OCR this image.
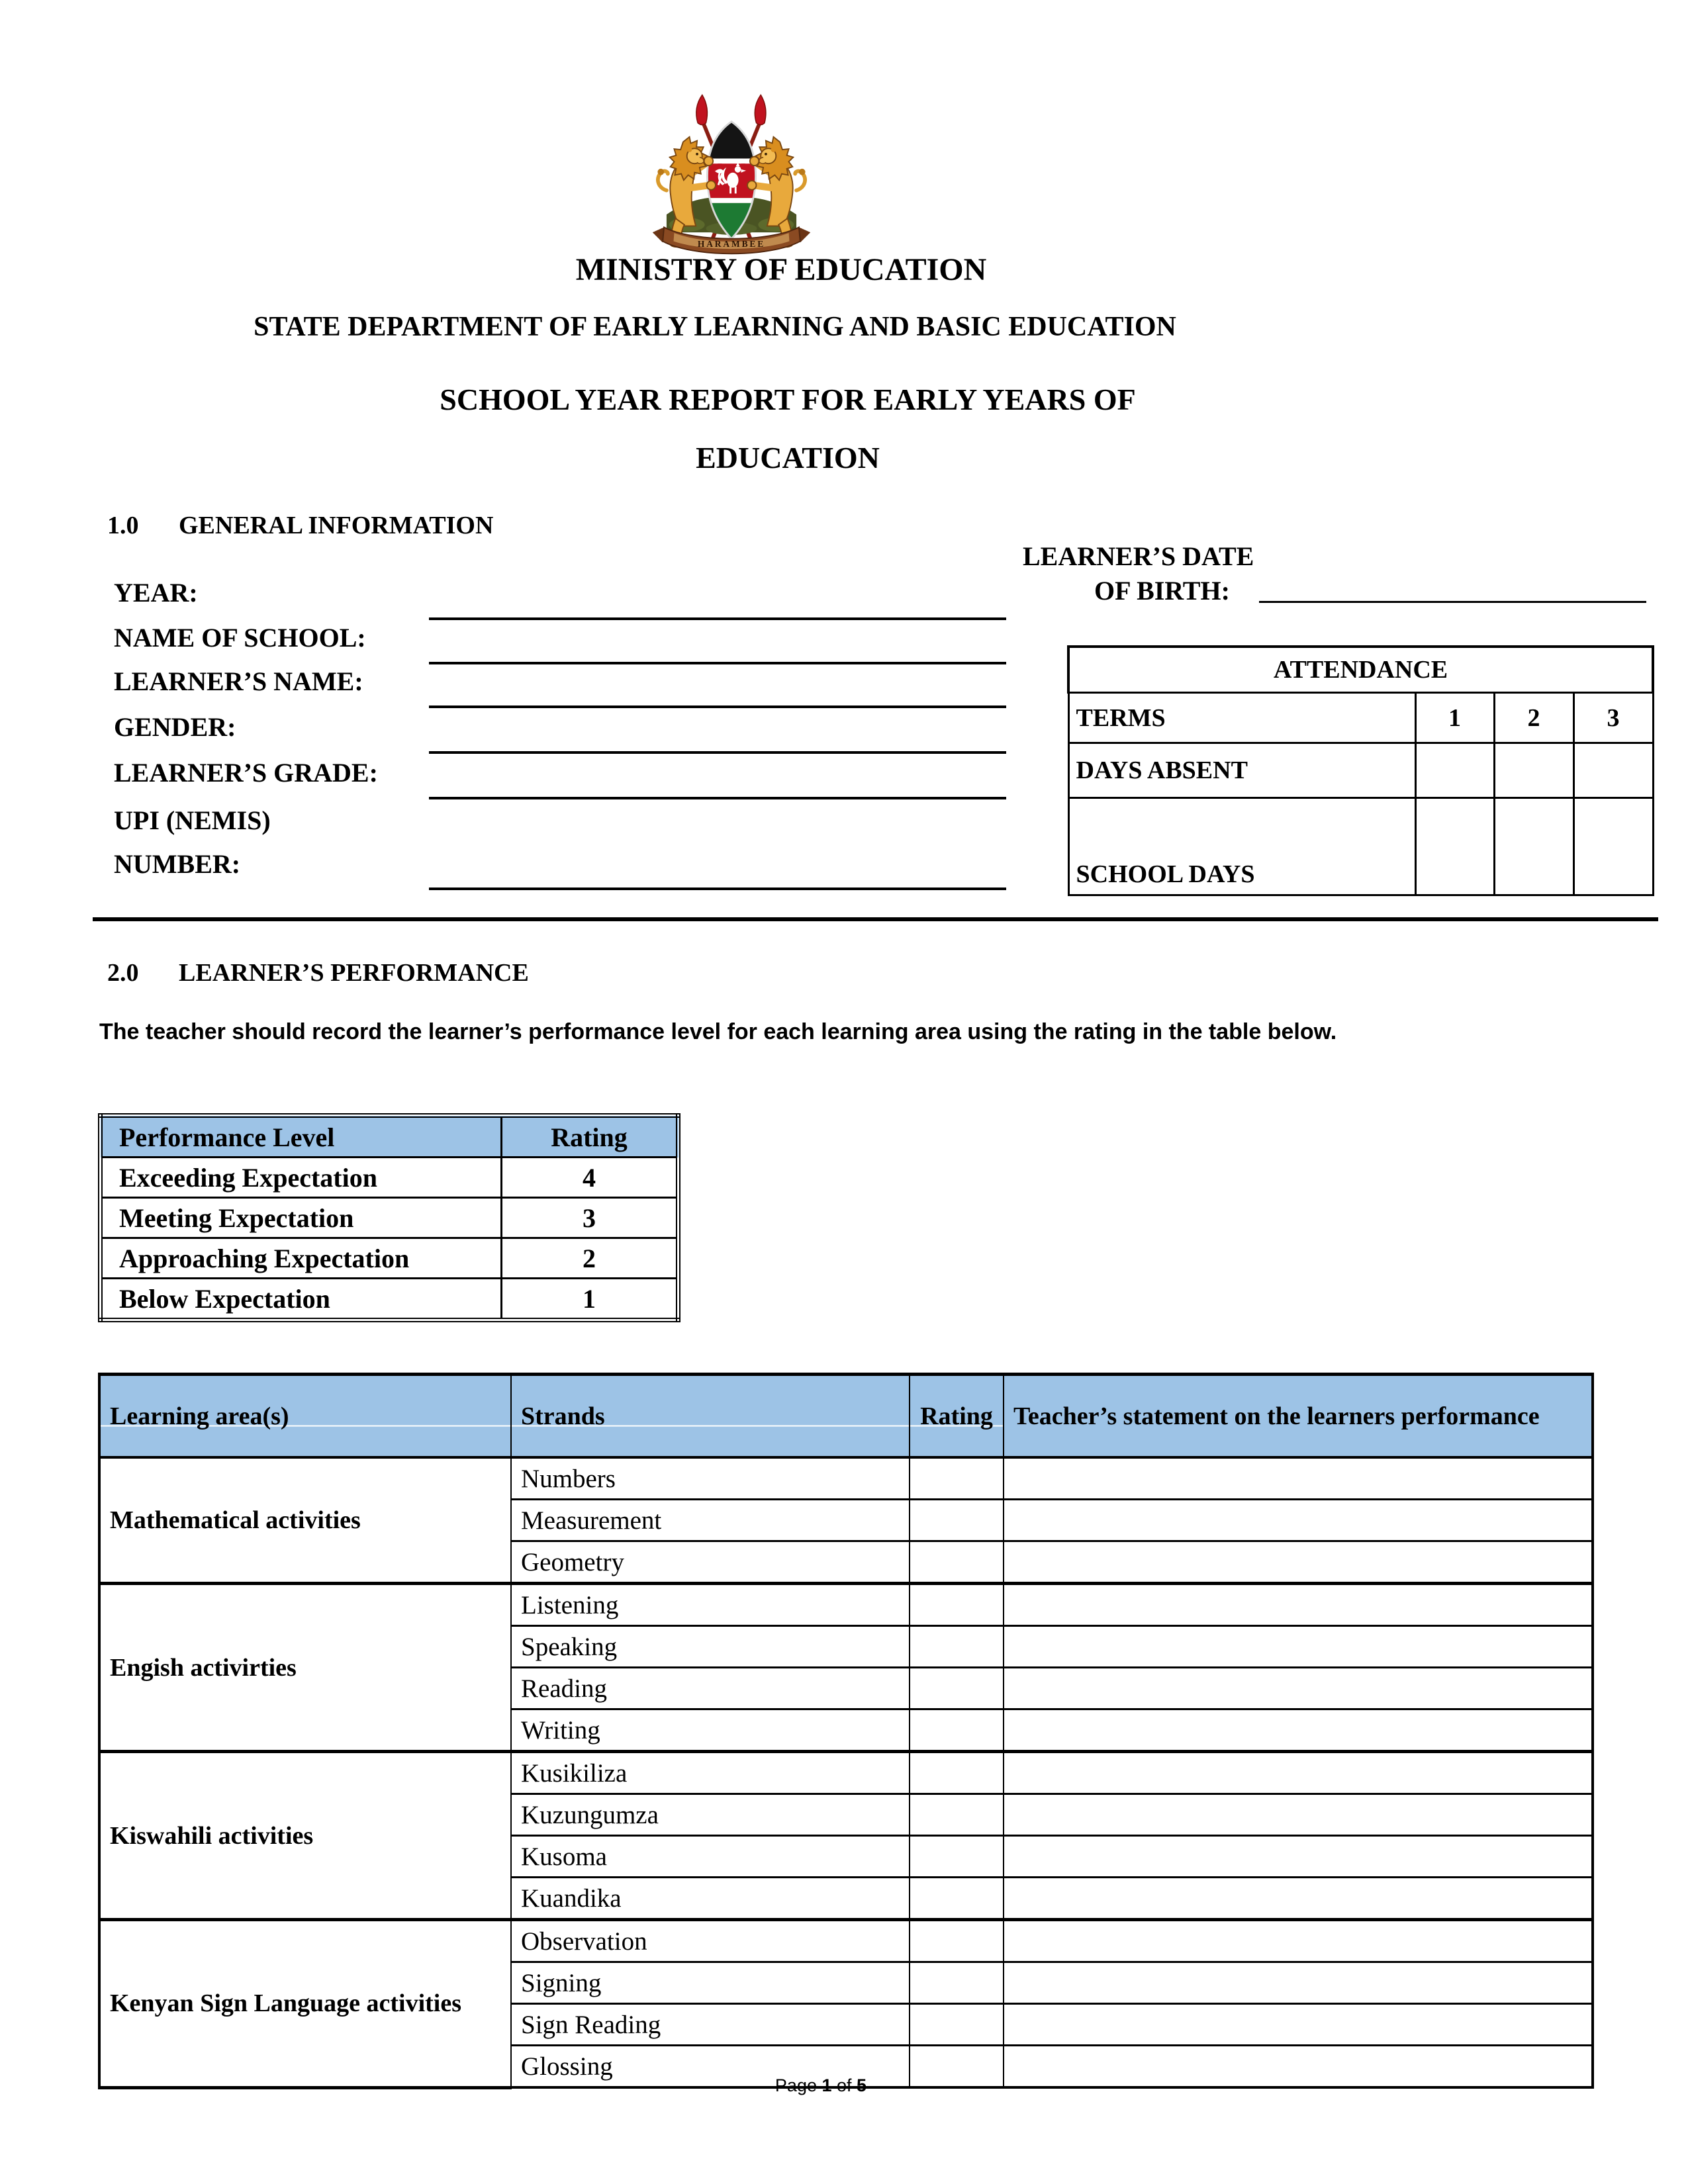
HARAMBEE
MINISTRY OF EDUCATION
STATE DEPARTMENT OF EARLY LEARNING AND BASIC EDUCATION
SCHOOL YEAR REPORT FOR EARLY YEARS OF
EDUCATION
1.0 GENERAL INFORMATION
YEAR:
NAME OF SCHOOL:
LEARNER’S NAME:
GENDER:
LEARNER’S GRADE:
UPI (NEMIS)
NUMBER:
LEARNER’S DATE
OF BIRTH:
ATTENDANCE			
TERMS	1	2	3
DAYS ABSENT			
SCHOOL DAYS			
2.0 LEARNER’S PERFORMANCE
The teacher should record the learner’s performance level for each learning area using the rating in the table below.
Performance Level	Rating
Exceeding Expectation	4
Meeting Expectation	3
Approaching Expectation	2
Below Expectation	1
Learning area(s)	Strands	Rating	Teacher’s statement on the learners performance
Mathematical activities	Numbers		
	Measurement		
	Geometry		
Engish activirties	Listening		
	Speaking		
	Reading		
	Writing		
Kiswahili activities	Kusikiliza		
	Kuzungumza		
	Kusoma		
	Kuandika		
Kenyan Sign Language activities	Observation		
	Signing		
	Sign Reading		
	Glossing		
Page 1 of 5
